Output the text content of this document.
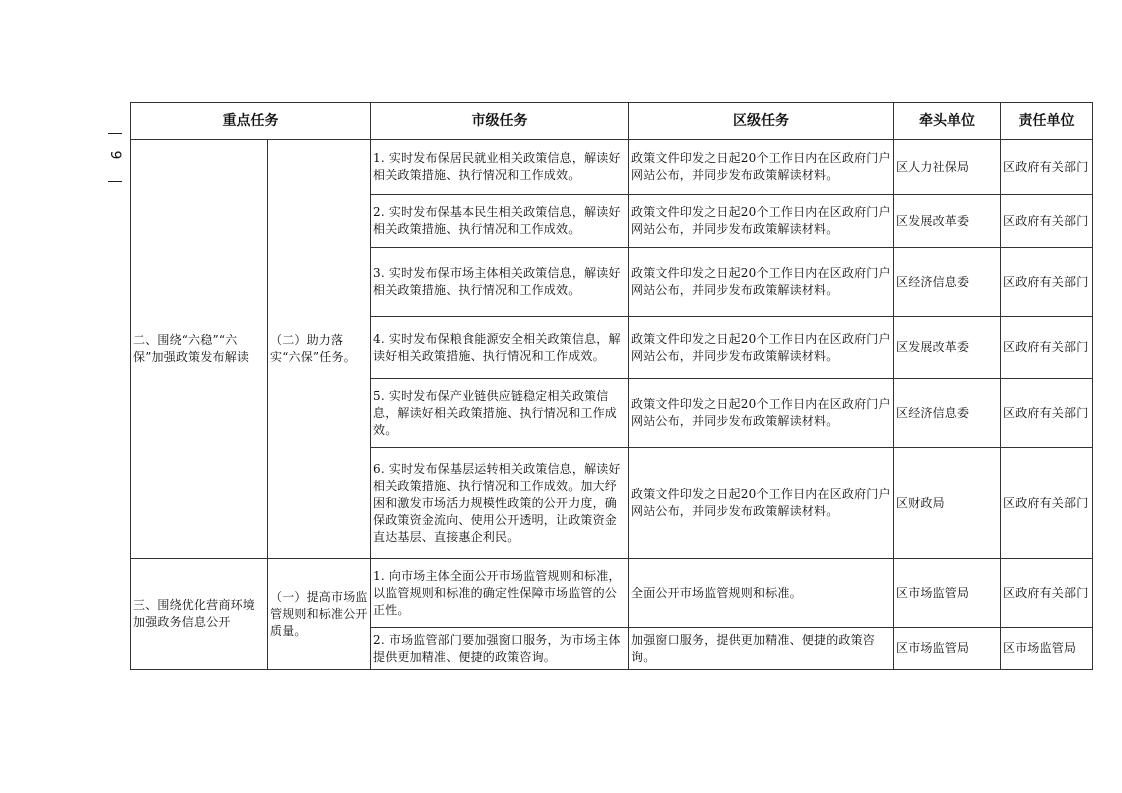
9
重点任务		市级任务	区级任务	牵头单位	责任单位
二、围绕“六稳”“六保”加强政策发布解读	（二）助力落实“六保”任务。	1. 实时发布保居民就业相关政策信息，解读好相关政策措施、执行情况和工作成效。	政策文件印发之日起20个工作日内在区政府门户网站公布，并同步发布政策解读材料。	区人力社保局	区政府有关部门
		2. 实时发布保基本民生相关政策信息，解读好相关政策措施、执行情况和工作成效。	政策文件印发之日起20个工作日内在区政府门户网站公布，并同步发布政策解读材料。	区发展改革委	区政府有关部门
		3. 实时发布保市场主体相关政策信息，解读好相关政策措施、执行情况和工作成效。	政策文件印发之日起20个工作日内在区政府门户网站公布，并同步发布政策解读材料。	区经济信息委	区政府有关部门
		4. 实时发布保粮食能源安全相关政策信息，解读好相关政策措施、执行情况和工作成效。	政策文件印发之日起20个工作日内在区政府门户网站公布，并同步发布政策解读材料。	区发展改革委	区政府有关部门
		5. 实时发布保产业链供应链稳定相关政策信息，解读好相关政策措施、执行情况和工作成效。	政策文件印发之日起20个工作日内在区政府门户网站公布，并同步发布政策解读材料。	区经济信息委	区政府有关部门
		6. 实时发布保基层运转相关政策信息，解读好相关政策措施、执行情况和工作成效。加大纾困和激发市场活力规模性政策的公开力度，确保政策资金流向、使用公开透明，让政策资金直达基层、直接惠企利民。	政策文件印发之日起20个工作日内在区政府门户网站公布，并同步发布政策解读材料。	区财政局	区政府有关部门
三、围绕优化营商环境加强政务信息公开	（一）提高市场监管规则和标准公开质量。	1. 向市场主体全面公开市场监管规则和标准，以监管规则和标准的确定性保障市场监管的公正性。	全面公开市场监管规则和标准。	区市场监管局	区政府有关部门
		2. 市场监管部门要加强窗口服务，为市场主体提供更加精准、便捷的政策咨询。	加强窗口服务，提供更加精准、便捷的政策咨询。	区市场监管局	区市场监管局
